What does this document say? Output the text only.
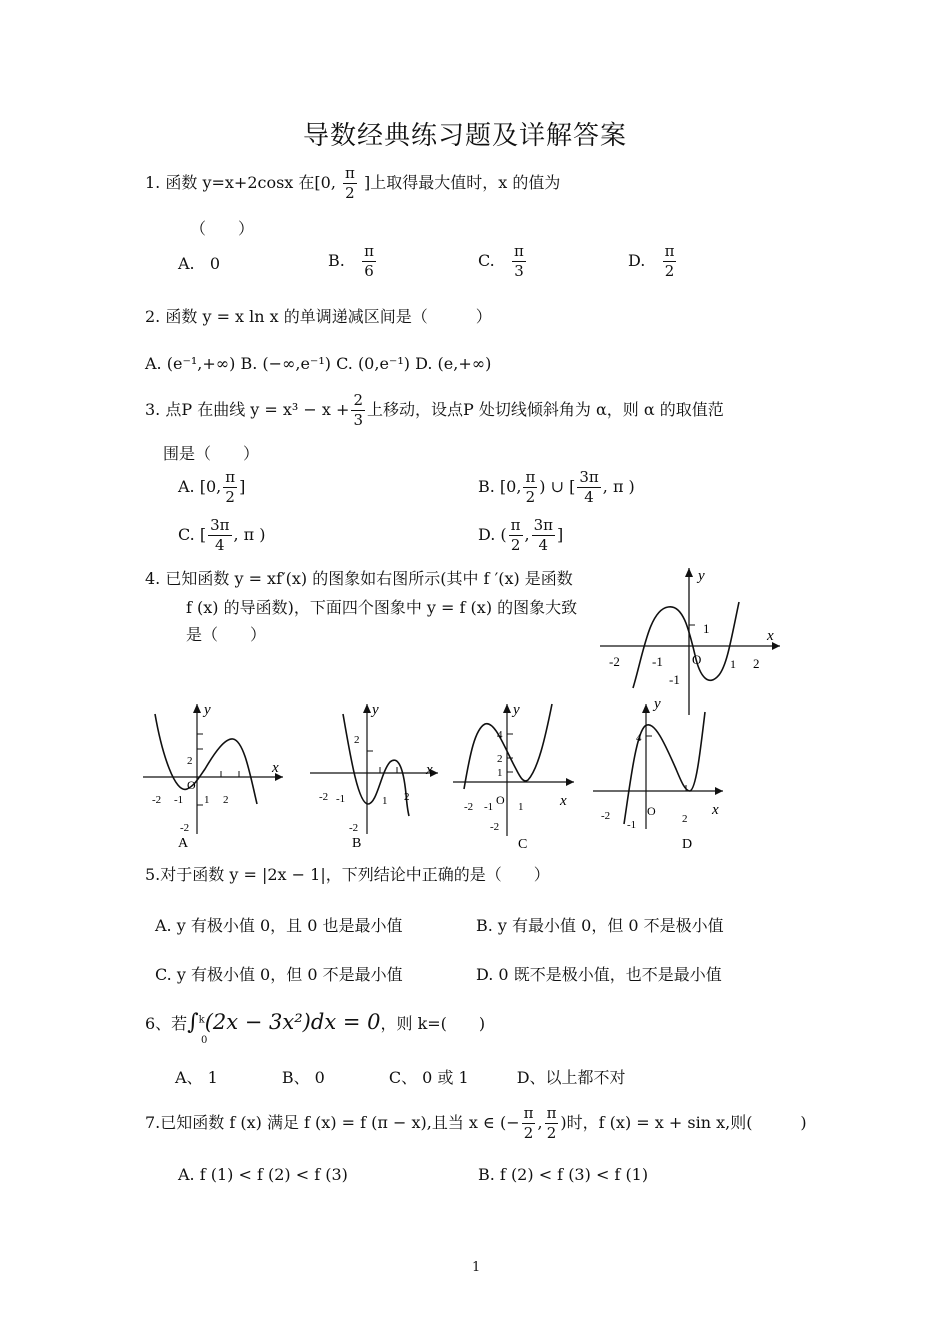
导数经典练习题及详解答案
1. 函数 y=x+2cosx 在[0, $\frac{\pi}{2}$ ]上取得最大值时，x 的值为
（　　）
A. 0	B. $\frac{\pi}{6}$	C. $\frac{\pi}{3}$	D. $\frac{\pi}{2}$
2. 函数 y = x ln x 的单调递减区间是（　　　）
A. (e⁻¹,+∞) B. (−∞,e⁻¹) C. (0,e⁻¹) D. (e,+∞)
3. 点P 在曲线 $y = x^3 - x + \frac{2}{3}$ 上移动，设点P 处切线倾斜角为 α，则 α 的取值范
围是（　　）
A. [0, $\frac{\pi}{2}$ ]	B. [0, $\frac{\pi}{2}$ ) ∪ [ $\frac{3\pi}{4}$ , π )
C. [ $\frac{3\pi}{4}$ , π )	D. ( $\frac{\pi}{2}$ , $\frac{3\pi}{4}$ ]
4. 已知函数 y = xf′(x) 的图象如右图所示(其中 f ′(x) 是函数
f (x) 的导函数)，下面四个图象中 y = f (x) 的图象大致
是（　　）	x
y
O
-2 -1	1 2
1
-1
y
x
O
-2 -1 1 2
2
-2
A
y
x
-2 -1	1 2
2
-2
B
y
x
O
-2 -1 1
4
2
1
-2
C
y
x
O
-2
-1	2
4
D
5.对于函数 y = |2x − 1|，下列结论中正确的是（　　）
A. y 有极小值 0，且 0 也是最小值	B. y 有最小值 0，但 0 不是极小值
C. y 有极小值 0，但 0 不是最小值	D. 0 既不是极小值，也不是最小值
6、若∫$^k$(2x − 3x²)dx = 0，则 k=(　　)
0
A、 1　　　　B、 0　　　　C、 0 或 1　　　D、以上都不对
7.已知函数 f (x) 满足 f (x) = f (π − x),且当 x ∈ (− $\frac{\pi}{2}$ , $\frac{\pi}{2}$ )时，f (x) = x + sin x,则(　　　)
A. f (1) < f (2) < f (3)	B. f (2) < f (3) < f (1)
1
